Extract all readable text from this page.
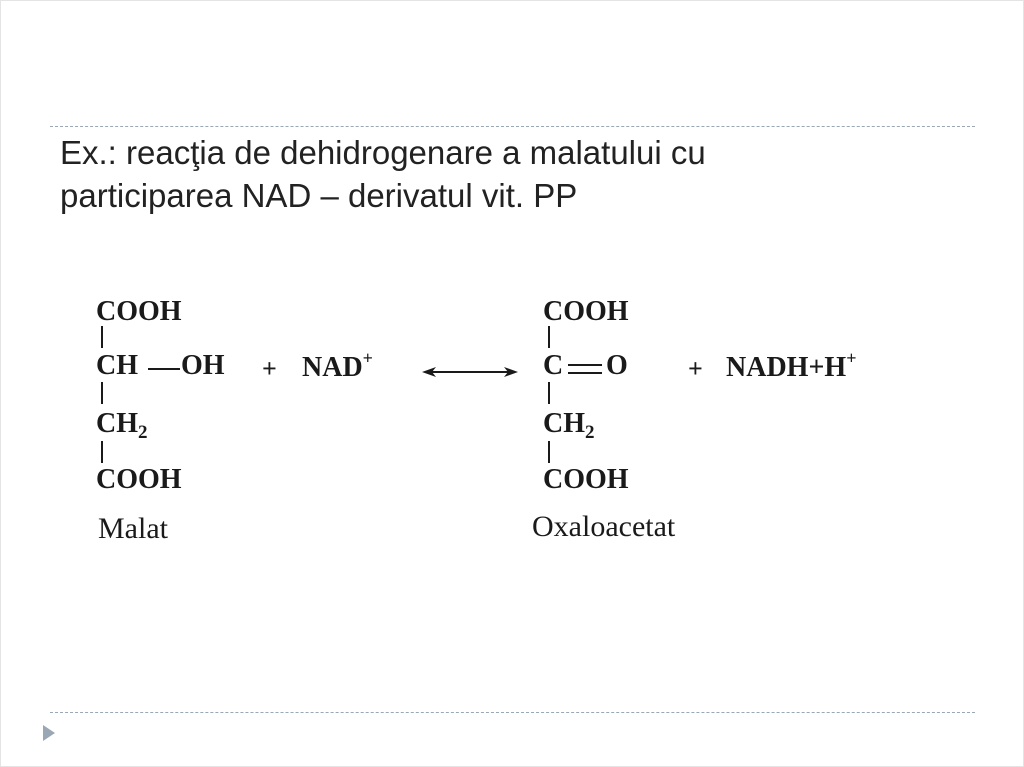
Ex.: reacţia de dehidrogenare a malatului cu
participarea NAD – derivatul vit. PP
COOH
CH OH
$CH_2$
COOH
Malat
+ NAD+
COOH
C O
$CH_2$
COOH
Oxaloacetat
+ NADH+H+
